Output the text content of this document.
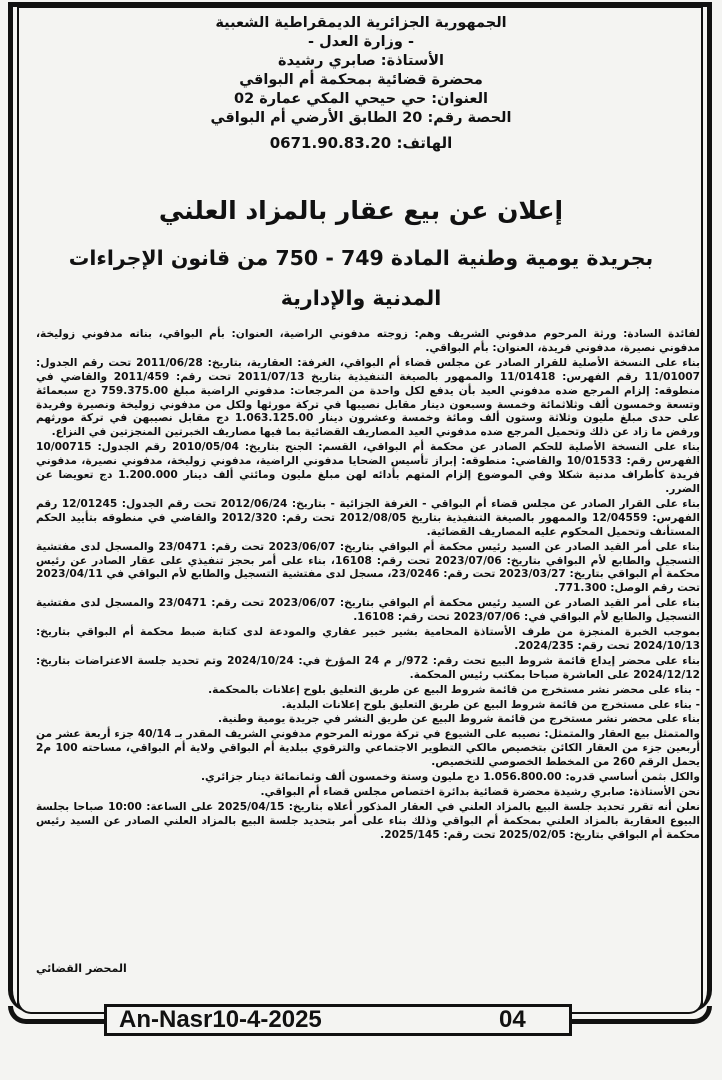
الجمهورية الجزائرية الديمقراطية الشعبية
- وزارة العدل -
الأستاذة: صابري رشيدة
محضرة قضائية بمحكمة أم البواقي
العنوان: حي حيحي المكي عمارة 02
الحصة رقم: 20 الطابق الأرضي أم البواقي
الهاتف: 0671.90.83.20
إعلان عن بيع عقار بالمزاد العلني
بجريدة يومية وطنية المادة 749 - 750 من قانون الإجراءات المدنية والإدارية

لفائدة السادة: ورثة المرحوم مدفوني الشريف وهم: زوجته مدفوني الراضية، العنوان: بأم البواقي، بناته مدفوني زوليخة، مدفوني نصيرة، مدفوني فريدة، العنوان: بأم البواقي.

بناء على النسخة الأصلية للقرار الصادر عن مجلس قضاء أم البواقي، الغرفة: العقارية، بتاريخ: 2011/06/28 تحت رقم الجدول: 11/01007 رقم الفهرس: 11/01418 والممهور بالصيغة التنفيذية بتاريخ 2011/07/13 تحت رقم: 2011/459 والقاضي في منطوقه: إلزام المرجع ضده مدفوني العيد بأن يدفع لكل واحدة من المرجعات: مدفوني الراضية مبلغ 759.375.00 دج سبعمائة وتسعة وخمسون ألف وثلاثمائة وخمسة وسبعون دينار مقابل نصيبها في تركة مورثها ولكل من مدفوني زوليخة ونصيرة وفريدة على حدى مبلغ مليون وثلاثة وستون ألف ومائة وخمسة وعشرون دينار 1.063.125.00 دج مقابل نصيبهن في تركة مورثهم ورفض ما زاد عن ذلك وتحميل المرجع ضده مدفوني العيد المصاريف القضائية بما فيها مصاريف الخبرتين المنجزتين في النزاع.

بناء على النسخة الأصلية للحكم الصادر عن محكمة أم البواقي، القسم: الجنح بتاريخ: 2010/05/04 رقم الجدول: 10/00715 الفهرس رقم: 10/01533 والقاضي: منطوقه: إبراز تأسيس الضحايا مدفوني الراضية، مدفوني زوليخة، مدفوني نصيرة، مدفوني فريدة كأطراف مدنية شكلا وفي الموضوع إلزام المتهم بأدائه لهن مبلغ مليون ومائتي ألف دينار 1.200.000 دج تعويضا عن الضرر.

بناء على القرار الصادر عن مجلس قضاء أم البواقي - الغرفة الجزائية - بتاريخ: 2012/06/24 تحت رقم الجدول: 12/01245 رقم الفهرس: 12/04559 والممهور بالصيغة التنفيذية بتاريخ 2012/08/05 تحت رقم: 2012/320 والقاضي في منطوقه بتأييد الحكم المستأنف وتحميل المحكوم عليه المصاريف القضائية.

بناء على أمر القيد الصادر عن السيد رئيس محكمة أم البواقي بتاريخ: 2023/06/07 تحت رقم: 23/0471 والمسجل لدى مفتشية التسجيل والطابع لأم البواقي بتاريخ: 2023/07/06 تحت رقم: 16108، بناء على أمر بحجز تنفيذي على عقار الصادر عن رئيس محكمة أم البواقي بتاريخ: 2023/03/27 تحت رقم: 23/0246، مسجل لدى مفتشية التسجيل والطابع لأم البواقي في 2023/04/11 تحت رقم الوصل: 771.300.

بناء على أمر القيد الصادر عن السيد رئيس محكمة أم البواقي بتاريخ: 2023/06/07 تحت رقم: 23/0471 والمسجل لدى مفتشية التسجيل والطابع لأم البواقي في: 2023/07/06 تحت رقم: 16108.

بموجب الخبرة المنجزة من طرف الأستاذة المحامية بشير خبير عقاري والمودعة لدى كتابة ضبط محكمة أم البواقي بتاريخ: 2024/10/13 تحت رقم: 2024/235.

بناء على محضر إيداع قائمة شروط البيع تحت رقم: 972/ر م 24 المؤرخ في: 2024/10/24 وتم تحديد جلسة الاعتراضات بتاريخ: 2024/12/12 على العاشرة صباحا بمكتب رئيس المحكمة.

- بناء على محضر نشر مستخرج من قائمة شروط البيع عن طريق التعليق بلوح إعلانات بالمحكمة.

- بناء على مستخرج من قائمة شروط البيع عن طريق التعليق بلوح إعلانات البلدية.

بناء على محضر نشر مستخرج من قائمة شروط البيع عن طريق النشر في جريدة يومية وطنية.

والمتمثل بيع العقار والمتمثل: نصيبه على الشيوع في تركة مورثه المرحوم مدفوني الشريف المقدر بـ 40/14 جزء أربعة عشر من أربعين جزء من العقار الكائن بتخصيص مالكي التطوير الاجتماعي والترقوي ببلدية أم البواقي ولاية أم البواقي، مساحته 100 م2 يحمل الرقم 260 من المخطط الخصوصي للتخصيص.

والكل بثمن أساسي قدره: 1.056.800.00 دج مليون وستة وخمسون ألف وثمانمائة دينار جزائري.

نحن الأستاذة: صابري رشيدة محضرة قضائية بدائرة اختصاص مجلس قضاء أم البواقي.

نعلن أنه تقرر تحديد جلسة البيع بالمزاد العلني في العقار المذكور أعلاه بتاريخ: 2025/04/15 على الساعة: 10:00 صباحا بجلسة البيوع العقارية بالمزاد العلني بمحكمة أم البواقي وذلك بناء على أمر بتحديد جلسة البيع بالمزاد العلني الصادر عن السيد رئيس محكمة أم البواقي بتاريخ: 2025/02/05 تحت رقم: 2025/145.

المحضر القضائي
An-Nasr10-4-2025	04
